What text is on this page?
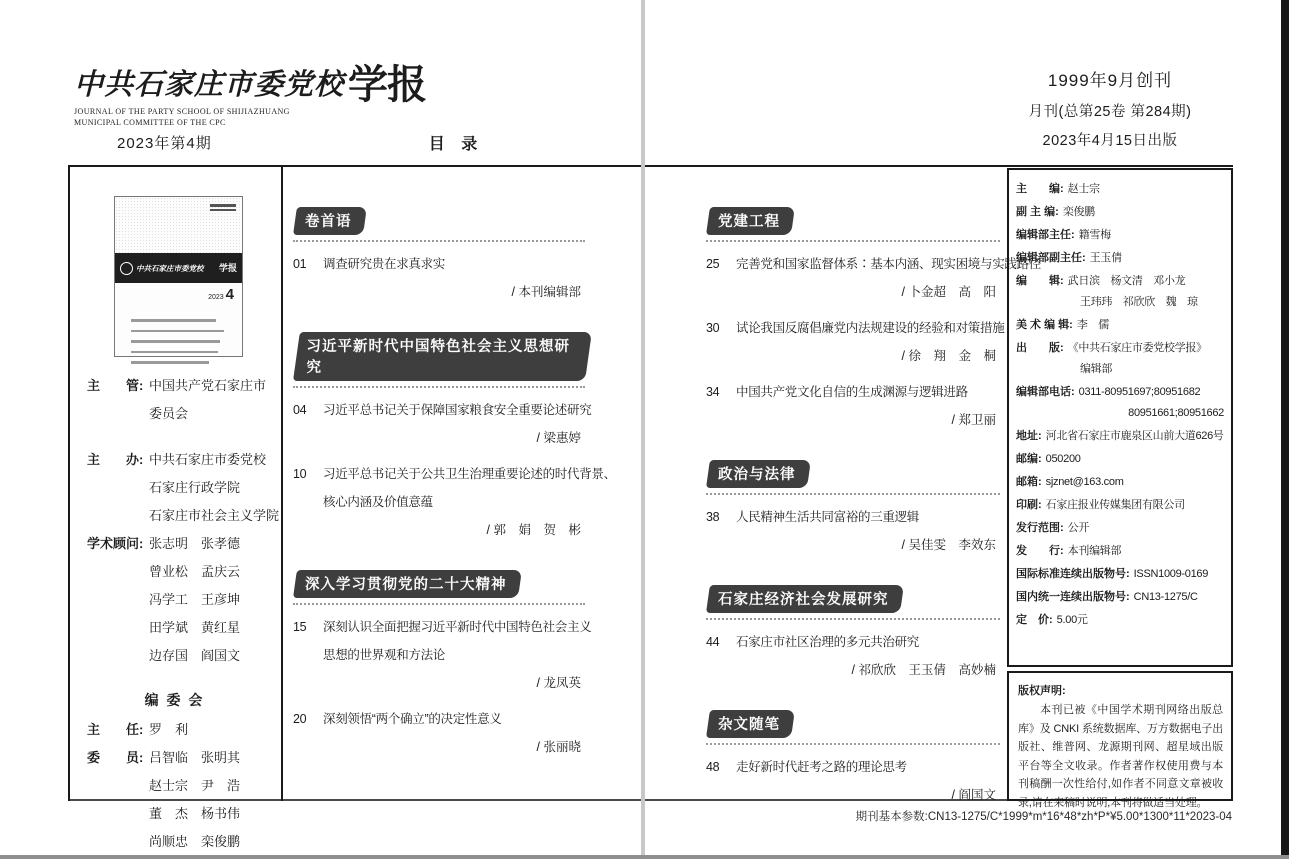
中共石家庄市委党校 学报
JOURNAL OF THE PARTY SCHOOL OF SHIJIAZHUANG
MUNICIPAL COMMITTEE OF THE CPC
2023年第4期	目 录
1999年9月创刊
月刊(总第25卷 第284期)
2023年4月15日出版
中共石家庄市委党校 学报
2023 4
主　　管: 中国共产党石家庄市
委员会
主　　办: 中共石家庄市委党校
石家庄行政学院
石家庄市社会主义学院
学术顾问: 张志明　张孝德
曾业松　孟庆云
冯学工　王彦坤
田学斌　黄红星
边存国　阎国文
编 委 会
主　　任: 罗　利
委　　员: 吕智临　张明其
赵士宗　尹　浩
董　杰　杨书伟
尚顺忠　栾俊鹏
卷首语
01	调查研究贵在求真求实
/ 本刊编辑部
习近平新时代中国特色社会主义思想研究
04	习近平总书记关于保障国家粮食安全重要论述研究
/ 梁惠婷
10	习近平总书记关于公共卫生治理重要论述的时代背景、
核心内涵及价值意蕴
/ 郭　娟　贺　彬
深入学习贯彻党的二十大精神
15	深刻认识全面把握习近平新时代中国特色社会主义
思想的世界观和方法论
/ 龙凤英
20	深刻领悟“两个确立”的决定性意义
/ 张丽晓
党建工程
25	完善党和国家监督体系∶基本内涵、现实困境与实践路径
/ 卜金超　高　阳
30	试论我国反腐倡廉党内法规建设的经验和对策措施
/ 徐　翔　金　桐
34	中国共产党文化自信的生成渊源与逻辑进路
/ 郑卫丽
政治与法律
38	人民精神生活共同富裕的三重逻辑
/ 吴佳雯　李效东
石家庄经济社会发展研究
44	石家庄市社区治理的多元共治研究
/ 祁欣欣　王玉倩　高妙楠
杂文随笔
48	走好新时代赶考之路的理论思考
/ 阎国文
主　　编: 赵士宗
副 主 编: 栾俊鹏
编辑部主任: 籍雪梅
编辑部副主任: 王玉倩
编　　辑: 武日滨　杨文清　邓小龙
王玮玮　祁欣欣　魏　琼
美 术 编 辑: 李　儒
出　　版: 《中共石家庄市委党校学报》
编辑部
编辑部电话: 0311-80951697;80951682
80951661;80951662
地址: 河北省石家庄市鹿泉区山前大道626号
邮编: 050200
邮箱: sjznet@163.com
印刷: 石家庄报业传媒集团有限公司
发行范围: 公开
发　　行: 本刊编辑部
国际标准连续出版物号: ISSN1009-0169
国内统一连续出版物号: CN13-1275/C
定　价: 5.00元
版权声明:
本刊已被《中国学术期刊网络出版总库》及 CNKI 系统数据库、万方数据电子出版社、维普网、龙源期刊网、超星域出版平台等全文收录。作者著作权使用费与本刊稿酬一次性给付,如作者不同意文章被收录,请在来稿时说明,本刊将做适当处理。
期刊基本参数:CN13-1275/C*1999*m*16*48*zh*P*¥5.00*1300*11*2023-04
